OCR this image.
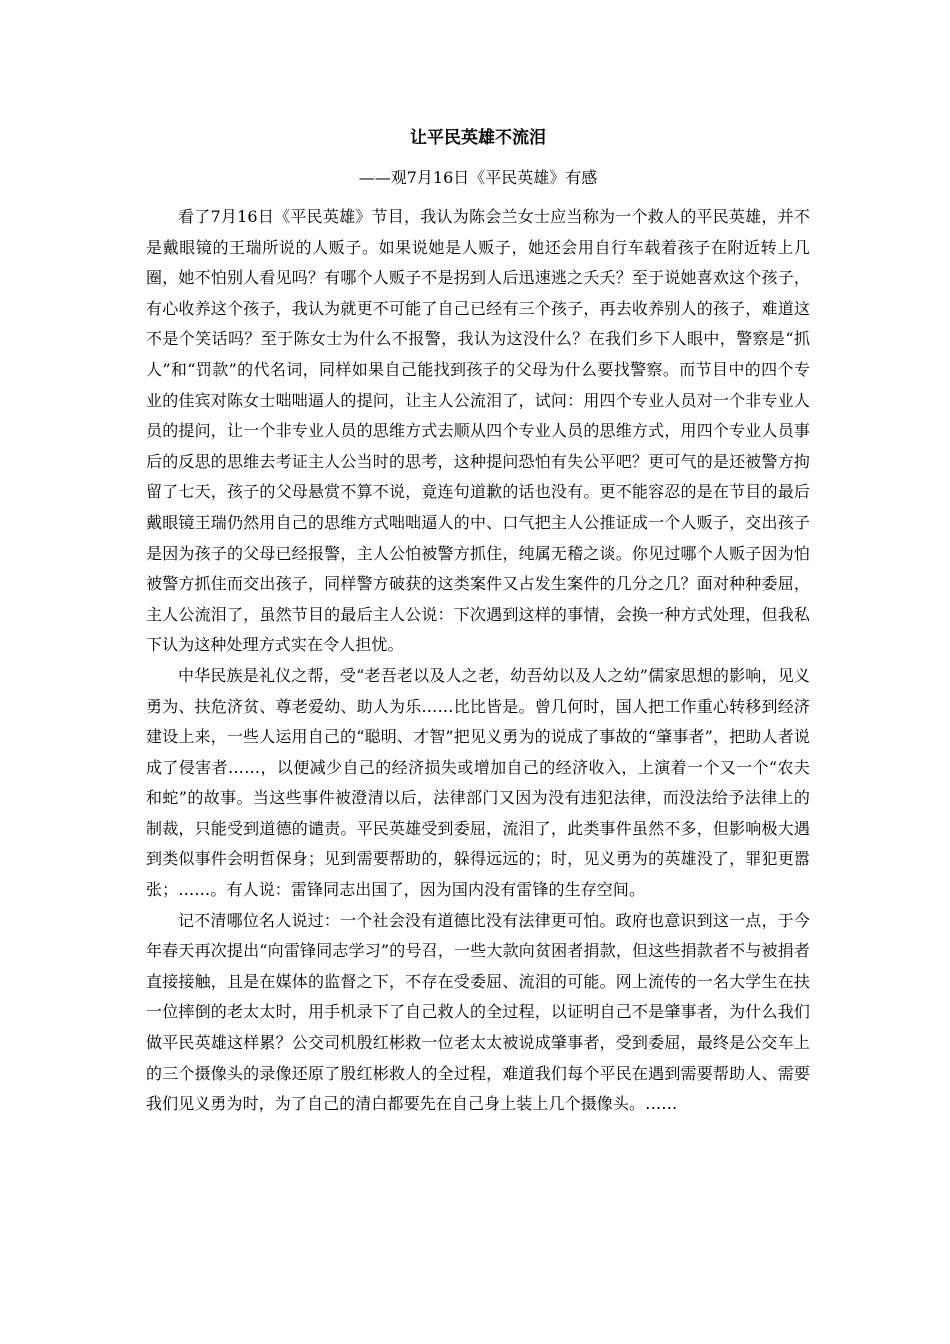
让平民英雄不流泪
——观7月16日《平民英雄》有感

看了7月16日《平民英雄》节目，我认为陈会兰女士应当称为一个救人的平民英雄，并不是戴眼镜的王瑞所说的人贩子。如果说她是人贩子，她还会用自行车载着孩子在附近转上几圈，她不怕别人看见吗？有哪个人贩子不是拐到人后迅速逃之夭夭？至于说她喜欢这个孩子，有心收养这个孩子，我认为就更不可能了自己已经有三个孩子，再去收养别人的孩子，难道这不是个笑话吗？至于陈女士为什么不报警，我认为这没什么？在我们乡下人眼中，警察是“抓人”和“罚款”的代名词，同样如果自己能找到孩子的父母为什么要找警察。而节目中的四个专业的佳宾对陈女士咄咄逼人的提问，让主人公流泪了，试问：用四个专业人员对一个非专业人员的提问，让一个非专业人员的思维方式去顺从四个专业人员的思维方式，用四个专业人员事后的反思的思维去考证主人公当时的思考，这种提问恐怕有失公平吧？更可气的是还被警方拘留了七天，孩子的父母悬赏不算不说，竟连句道歉的话也没有。更不能容忍的是在节目的最后戴眼镜王瑞仍然用自己的思维方式咄咄逼人的中、口气把主人公推证成一个人贩子，交出孩子是因为孩子的父母已经报警，主人公怕被警方抓住，纯属无稽之谈。你见过哪个人贩子因为怕被警方抓住而交出孩子，同样警方破获的这类案件又占发生案件的几分之几？面对种种委屈，主人公流泪了，虽然节目的最后主人公说：下次遇到这样的事情，会换一种方式处理，但我私下认为这种处理方式实在令人担忧。

中华民族是礼仪之帮，受“老吾老以及人之老，幼吾幼以及人之幼”儒家思想的影响，见义勇为、扶危济贫、尊老爱幼、助人为乐……比比皆是。曾几何时，国人把工作重心转移到经济建设上来，一些人运用自己的“聪明、才智”把见义勇为的说成了事故的“肇事者”，把助人者说成了侵害者……，以便减少自己的经济损失或增加自己的经济收入，上演着一个又一个“农夫和蛇”的故事。当这些事件被澄清以后，法律部门又因为没有违犯法律，而没法给予法律上的制裁，只能受到道德的谴责。平民英雄受到委屈，流泪了，此类事件虽然不多，但影响极大遇到类似事件会明哲保身；见到需要帮助的，躲得远远的；时，见义勇为的英雄没了，罪犯更嚣张；……。有人说：雷锋同志出国了，因为国内没有雷锋的生存空间。

记不清哪位名人说过：一个社会没有道德比没有法律更可怕。政府也意识到这一点，于今年春天再次提出“向雷锋同志学习”的号召，一些大款向贫困者捐款，但这些捐款者不与被捐者直接接触，且是在媒体的监督之下，不存在受委屈、流泪的可能。网上流传的一名大学生在扶一位摔倒的老太太时，用手机录下了自己救人的全过程，以证明自己不是肇事者，为什么我们做平民英雄这样累？公交司机殷红彬救一位老太太被说成肇事者，受到委屈，最终是公交车上的三个摄像头的录像还原了殷红彬救人的全过程，难道我们每个平民在遇到需要帮助人、需要我们见义勇为时，为了自己的清白都要先在自己身上装上几个摄像头。……
